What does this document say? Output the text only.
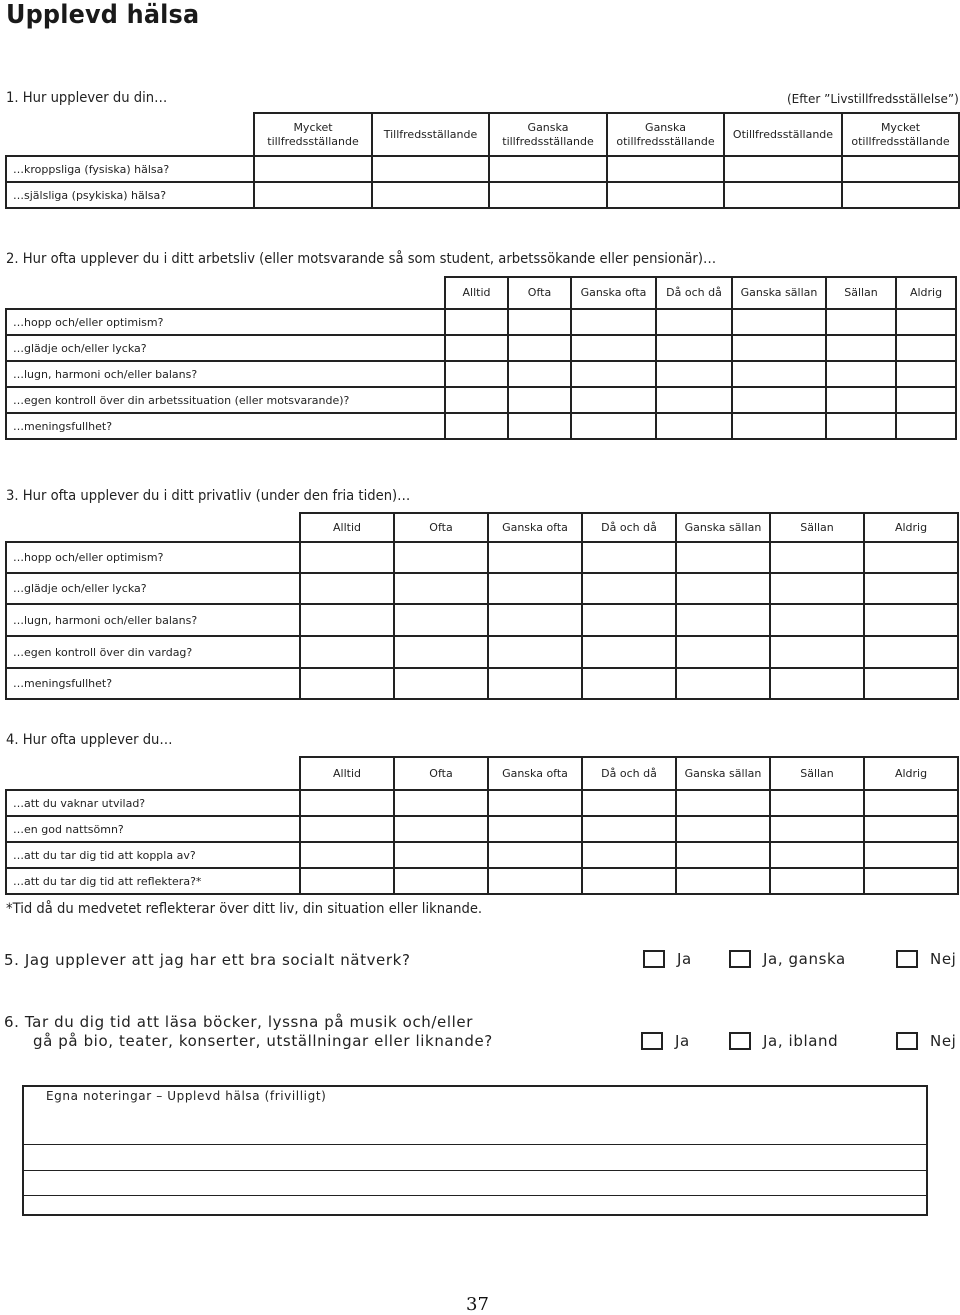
Upplevd hälsa
1. Hur upplever du din…	(Efter ”Livstillfredsställelse”)
	Mycket tillfredsställande	Tillfredsställande	Ganska tillfredsställande	Ganska otillfredsställande	Otillfredsställande	Mycket otillfredsställande
…kroppsliga (fysiska) hälsa?						
…själsliga (psykiska) hälsa?						
2. Hur ofta upplever du i ditt arbetsliv (eller motsvarande så som student, arbetssökande eller pensionär)…
	Alltid	Ofta	Ganska ofta	Då och då	Ganska sällan	Sällan	Aldrig
…hopp och/eller optimism?							
…glädje och/eller lycka?							
…lugn, harmoni och/eller balans?							
…egen kontroll över din arbetssituation (eller motsvarande)?							
…meningsfullhet?							
3. Hur ofta upplever du i ditt privatliv (under den fria tiden)…
	Alltid	Ofta	Ganska ofta	Då och då	Ganska sällan	Sällan	Aldrig
…hopp och/eller optimism?							
…glädje och/eller lycka?							
…lugn, harmoni och/eller balans?							
…egen kontroll över din vardag?							
…meningsfullhet?							
4. Hur ofta upplever du…
	Alltid	Ofta	Ganska ofta	Då och då	Ganska sällan	Sällan	Aldrig
…att du vaknar utvilad?							
…en god nattsömn?							
…att du tar dig tid att koppla av?							
…att du tar dig tid att reflektera?*							
*Tid då du medvetet reflekterar över ditt liv, din situation eller liknande.
5. Jag upplever att jag har ett bra socialt nätverk?	Ja	Ja, ganska	Nej
6. Tar du dig tid att läsa böcker, lyssna på musik och/eller
gå på bio, teater, konserter, utställningar eller liknande?	Ja	Ja, ibland	Nej
Egna noteringar – Upplevd hälsa (frivilligt)
37
